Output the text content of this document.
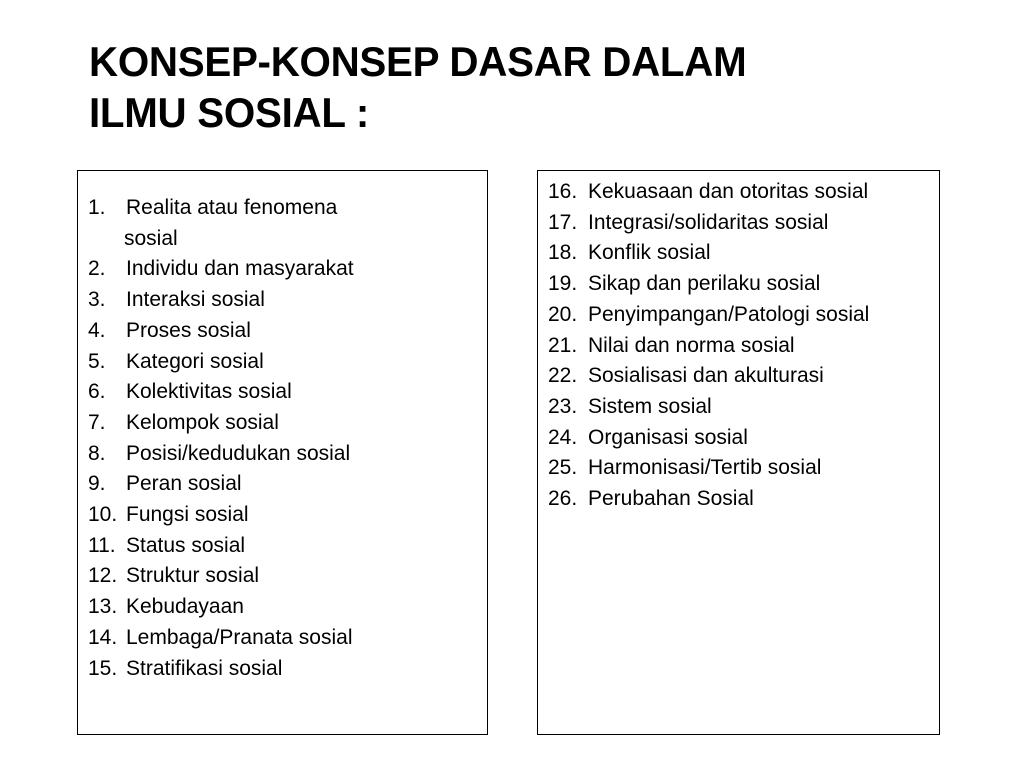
KONSEP-KONSEP DASAR DALAM
ILMU SOSIAL :
1. Realita atau fenomena
sosial
2. Individu dan masyarakat
3. Interaksi sosial
4. Proses sosial
5. Kategori sosial
6. Kolektivitas sosial
7. Kelompok sosial
8. Posisi/kedudukan sosial
9. Peran sosial
10. Fungsi sosial
11. Status sosial
12. Struktur sosial
13. Kebudayaan
14. Lembaga/Pranata sosial
15. Stratifikasi sosial
16. Kekuasaan dan otoritas sosial
17. Integrasi/solidaritas sosial
18. Konflik sosial
19. Sikap dan perilaku sosial
20. Penyimpangan/Patologi sosial
21. Nilai dan norma sosial
22. Sosialisasi dan akulturasi
23. Sistem sosial
24. Organisasi sosial
25. Harmonisasi/Tertib sosial
26. Perubahan Sosial
